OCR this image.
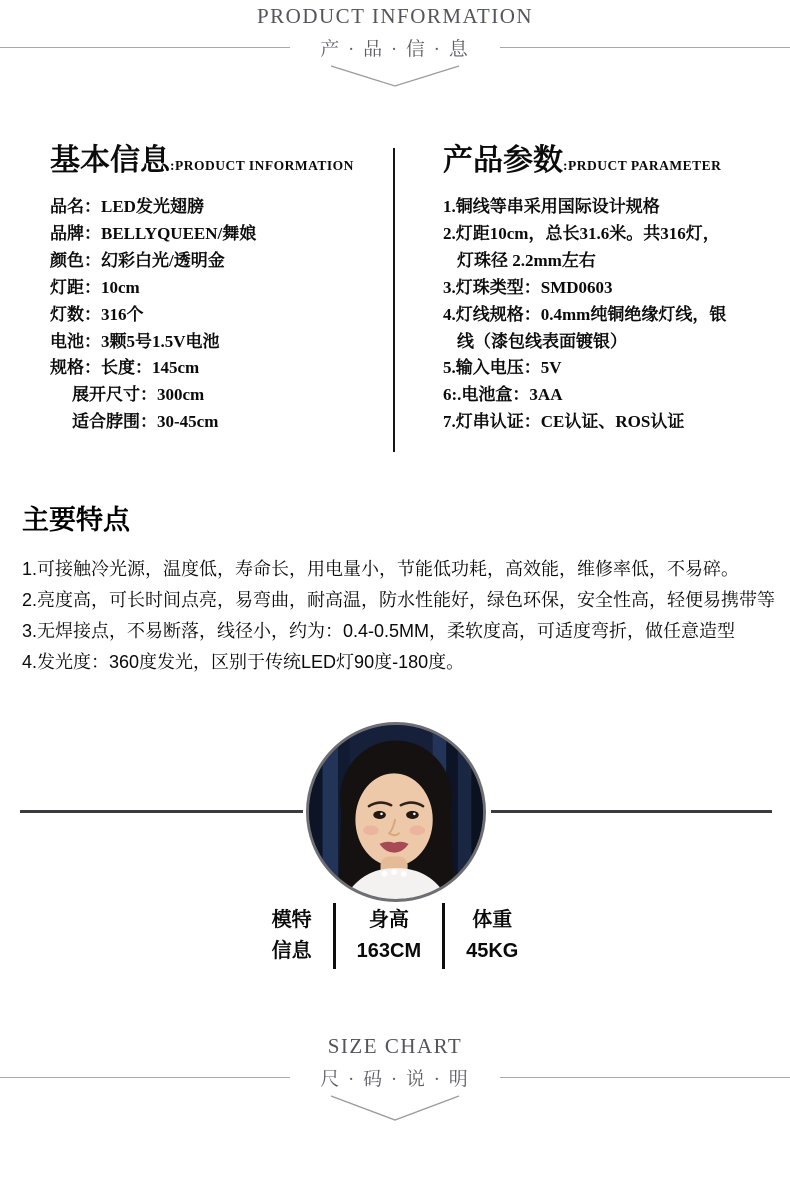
PRODUCT INFORMATION
产 · 品 · 信 · 息
基本信息:PRODUCT INFORMATION
品名：LED发光翅膀
品牌：BELLYQUEEN/舞娘
颜色：幻彩白光/透明金
灯距：10cm
灯数：316个
电池：3颗5号1.5V电池
规格：长度：145cm
展开尺寸：300cm
适合脖围：30-45cm
产品参数:PRDUCT PARAMETER
1.铜线等串采用国际设计规格
2.灯距10cm，总长31.6米。共316灯，
灯珠径 2.2mm左右
3.灯珠类型：SMD0603
4.灯线规格：0.4mm纯铜绝缘灯线，银
线（漆包线表面镀银）
5.输入电压：5V
6:.电池盒：3AA
7.灯串认证：CE认证、ROS认证
主要特点
1.可接触冷光源，温度低，寿命长，用电量小，节能低功耗，高效能，维修率低，不易碎。
2.亮度高，可长时间点亮，易弯曲，耐高温，防水性能好，绿色环保，安全性高，轻便易携带等
3.无焊接点，不易断落，线径小，约为：0.4-0.5MM，柔软度高，可适度弯折，做任意造型
4.发光度：360度发光，区别于传统LED灯90度-180度。
模特
信息
身高
163CM
体重
45KG
SIZE CHART
尺 · 码 · 说 · 明
